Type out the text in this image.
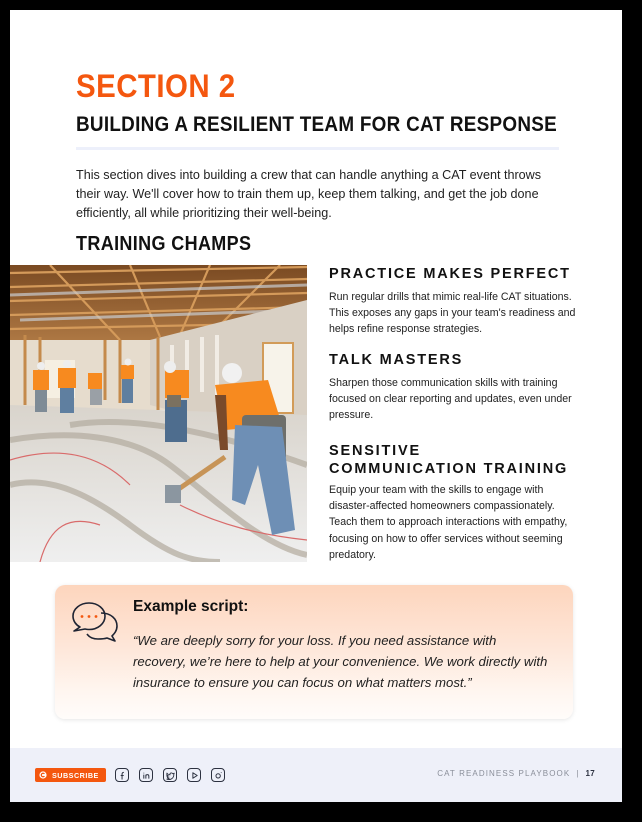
SECTION 2
BUILDING A RESILIENT TEAM FOR CAT RESPONSE

This section dives into building a crew that can handle anything a CAT event throws their way. We'll cover how to train them up, keep them talking, and get the job done efficiently, all while prioritizing their well-being.

TRAINING CHAMPS
PRACTICE MAKES PERFECT

Run regular drills that mimic real-life CAT situations. This exposes any gaps in your team's readiness and helps refine response strategies.

TALK MASTERS

Sharpen those communication skills with training focused on clear reporting and updates, even under pressure.

SENSITIVE COMMUNICATION TRAINING

Equip your team with the skills to engage with disaster-affected homeowners compassionately. Teach them to approach interactions with empathy, focusing on how to offer services without seeming predatory.

Example script:
“We are deeply sorry for your loss. If you need assistance with recovery, we’re here to help at your convenience. We work directly with insurance to ensure you can focus on what matters most.”
SUBSCRIBE	CAT READINESS PLAYBOOK | 17
